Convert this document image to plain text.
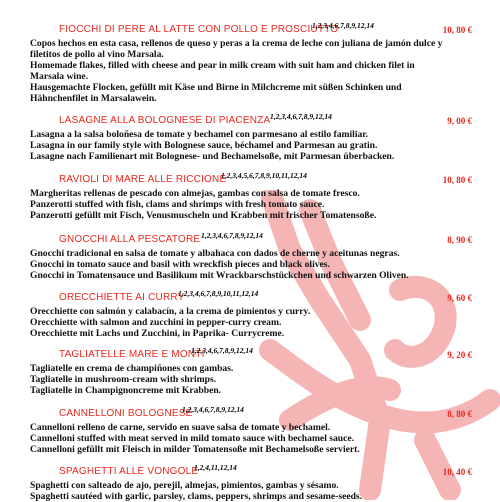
FIOCCHI DI PERE AL LATTE CON POLLO E PROSCIUTTO
1,2,3,4,6,7,8,9,12,14	10, 80 €
Copos hechos en esta casa, rellenos de queso y peras a la crema de leche con juliana de jamón dulce y
filetitos de pollo al vino Marsala.
Homemade flakes, filled with cheese and pear in milk cream with suit ham and chicken filet in
Marsala wine.
Hausgemachte Flocken, gefüllt mit Käse und Birne in Milchcreme mit süßen Schinken und
Hähnchenfilet in Marsalawein.
LASAGNE ALLA BOLOGNESE DI PIACENZA 1,2,3,4,6,7,8,9,12,14	9, 00 €
Lasagna a la salsa boloñesa de tomate y bechamel con parmesano al estilo familiar.
Lasagna in our family style with Bolognese sauce, béchamel and Parmesan au gratin.
Lasagne nach Familienart mit Bolognese- und Bechamelsoße, mit Parmesan überbacken.
RAVIOLI DI MARE ALLE RICCIONE
1,2,3,4,5,6,7,8,9,10,11,12,14	10, 80 €
Margheritas rellenas de pescado con almejas, gambas con salsa de tomate fresco.
Panzerotti stuffed with fish, clams and shrimps with fresh tomato sauce.
Panzerotti gefüllt mit Fisch, Venusmuscheln und Krabben mit frischer Tomatensoße.
GNOCCHI ALLA PESCATORE 1,2,3,4,6,7,8,9,12,14	8, 90 €
Gnocchi tradicional en salsa de tomate y albahaca con dados de cherne y aceitunas negras.
Gnocchi in tomato sauce and basil with wreckfish pieces and black olives.
Gnocchi in Tomatensauce und Basilikum mit Wrackbarschstückchen und schwarzen Oliven.
ORECCHIETTE AI CURRY
1,2,3,4,6,7,8,9,10,11,12,14	9, 60 €
Orecchiette con salmón y calabacín, a la crema de pimientos y curry.
Orecchiette with salmon and zucchini in pepper-curry cream.
Orecchiette mit Lachs und Zucchini, in Paprika- Currycreme.
TAGLIATELLE MARE E MONTI
1,2,3,4,6,7,8,9,12,14	9, 20 €
Tagliatelle en crema de champiñones con gambas.
Tagliatelle in mushroom-cream with shrimps.
Tagliatelle in Champignoncreme mit Krabben.
CANNELLONI BOLOGNESE
1,2,3,4,6,7,8,9,12,14	8, 80 €
Cannelloni relleno de carne, servido en suave salsa de tomate y bechamel.
Cannelloni stuffed with meat served in mild tomato sauce with bechamel sauce.
Cannelloni gefüllt mit Fleisch in milder Tomatensoße mit Bechamelsoße serviert.
SPAGHETTI ALLE VONGOLE
1,2,4,11,12,14	10, 40 €
Spaghetti con salteado de ajo, perejil, almejas, pimientos, gambas y sésamo.
Spaghetti sautéed with garlic, parsley, clams, peppers, shrimps and sesame-seeds.
